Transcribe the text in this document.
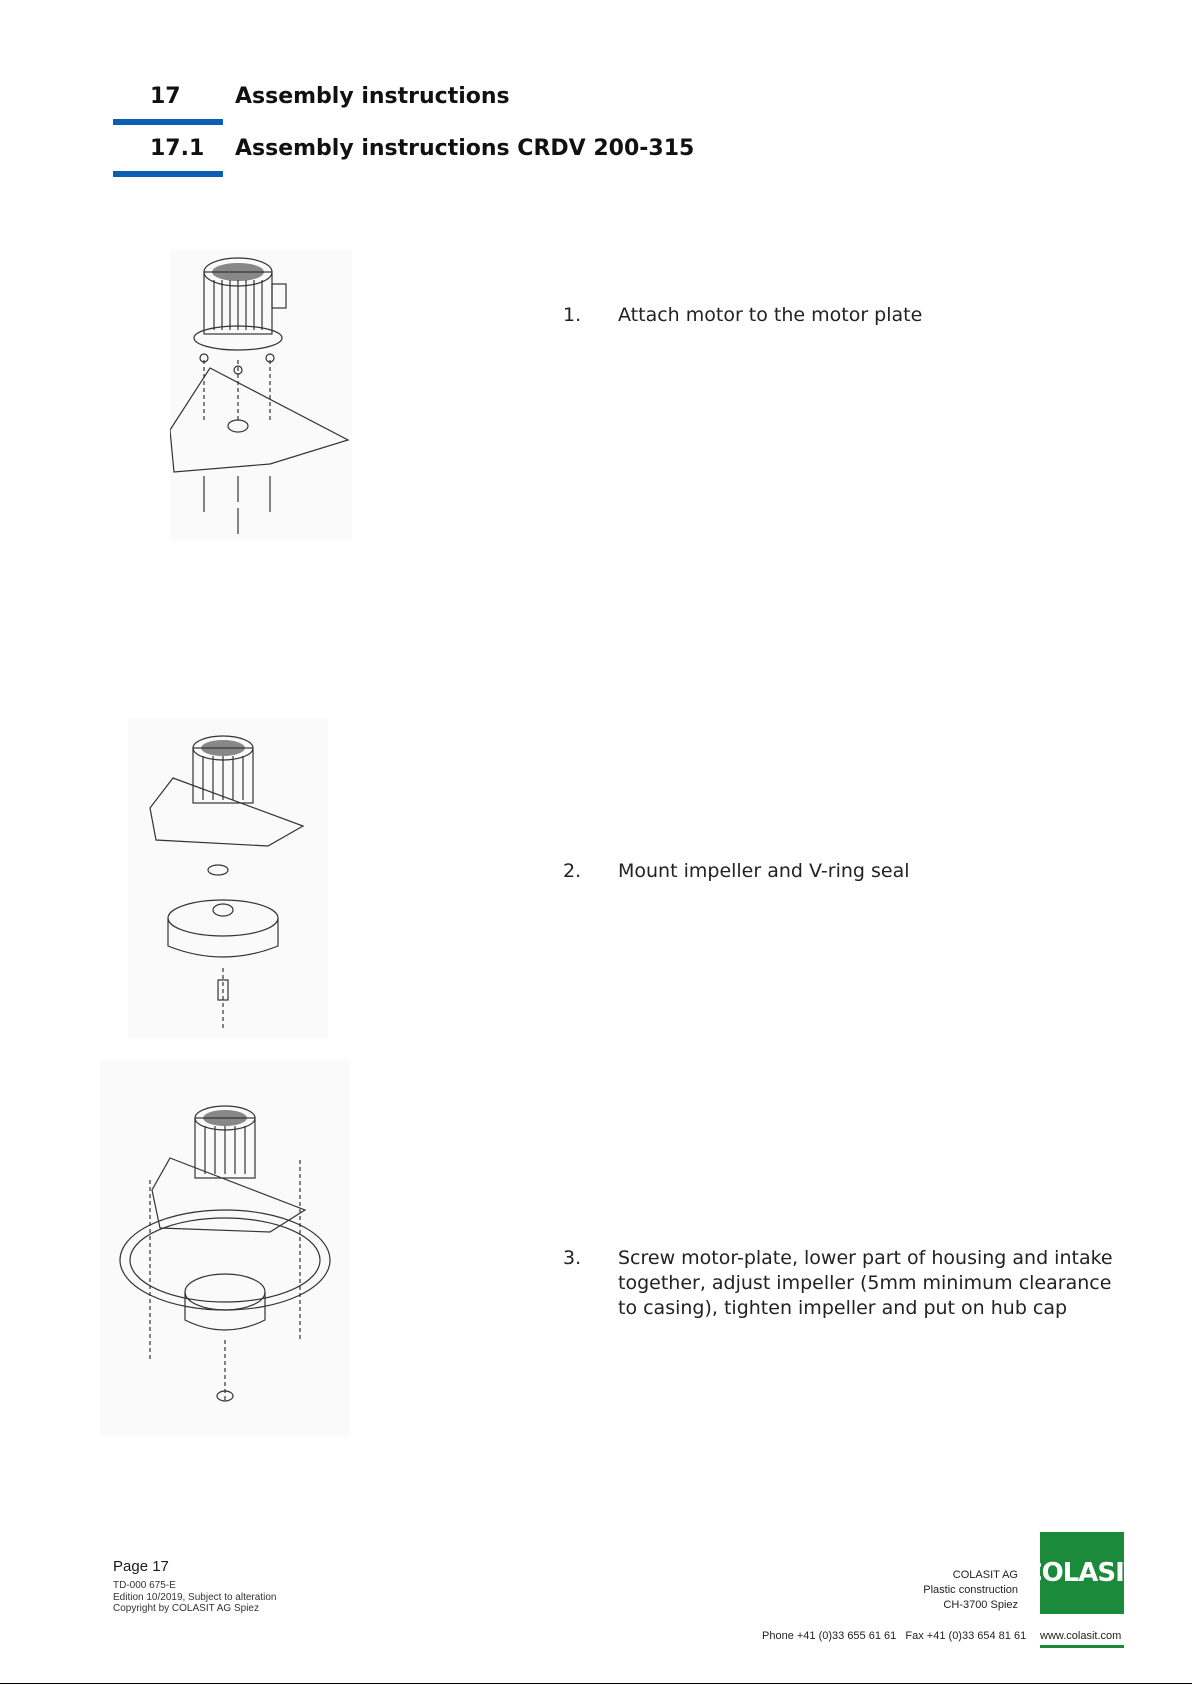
17 Assembly instructions
17.1 Assembly instructions CRDV 200-315
1. Attach motor to the motor plate
2. Mount impeller and V-ring seal
3. Screw motor-plate, lower part of housing and intake together, adjust impeller (5mm minimum clearance to casing), tighten impeller and put on hub cap
Page 17
TD-000 675-E
Edition 10/2019, Subject to alteration
Copyright by COLASIT AG Spiez
COLASIT AG
Plastic construction
CH-3700 Spiez
COLASIT
Phone +41 (0)33 655 61 61   Fax +41 (0)33 654 81 61 www.colasit.com
